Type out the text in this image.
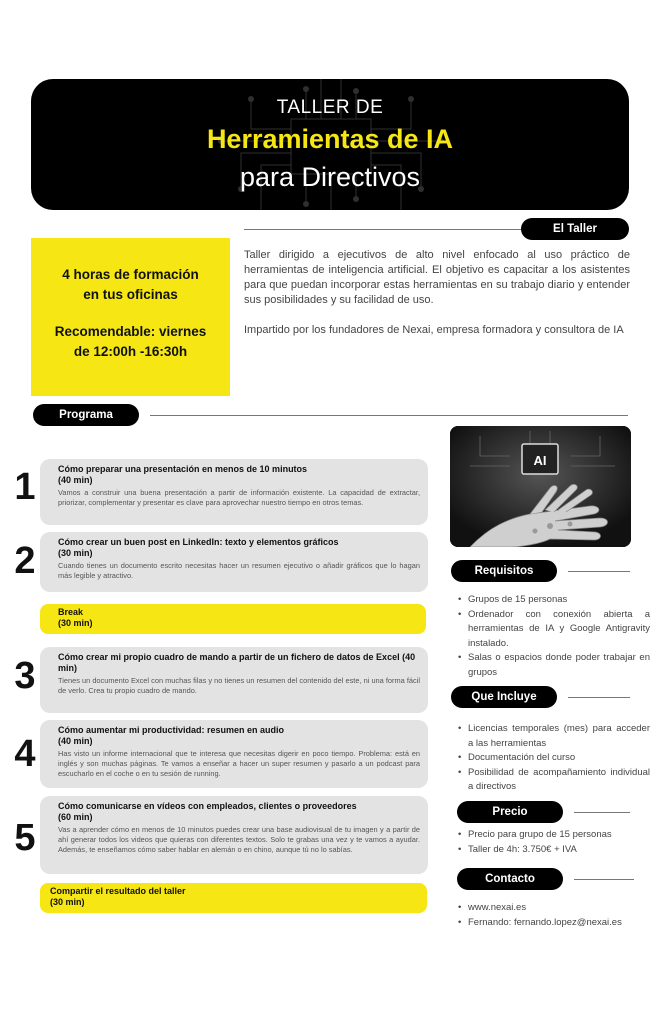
TALLER DE
Herramientas de IA
para Directivos
El Taller

4 horas de formación

en tus oficinas

Recomendable: viernes

de 12:00h -16:30h

Taller dirigido a ejecutivos de alto nivel enfocado al uso práctico de herramientas de inteligencia artificial. El objetivo es capacitar a los asistentes para que puedan incorporar estas herramientas en su trabajo diario y entender sus posibilidades y su facilidad de uso.

Impartido por los fundadores de Nexai, empresa formadora y consultora de IA

Programa
1	Cómo preparar una presentación en menos de 10 minutos
(40 min)
Vamos a construir una buena presentación a partir de información existente. La capacidad de extractar, priorizar, complementar y presentar es clave para aprovechar nuestro tiempo en otros temas.
2	Cómo crear un buen post en LinkedIn: texto y elementos gráficos
(30 min)
Cuando tienes un documento escrito necesitas hacer un resumen ejecutivo o añadir gráficos que lo hagan más legible y atractivo.
Break
(30 min)
3	Cómo crear mi propio cuadro de mando a partir de un fichero de datos de Excel (40 min)
Tienes un documento Excel con muchas filas y no tienes un resumen del contenido del este, ni una forma fácil de verlo. Crea tu propio cuadro de mando.
4
Cómo aumentar mi productividad: resumen en audio
(40 min)
Has visto un informe internacional que te interesa que necesitas digerir en poco tiempo. Problema: está en inglés y son muchas páginas. Te vamos a enseñar a hacer un super resumen y pasarlo a un podcast para escucharlo en el coche o en tu sesión de running.
5
Cómo comunicarse en vídeos con empleados, clientes o proveedores
(60 min)
Vas a aprender cómo en menos de 10 minutos puedes crear una base audiovisual de tu imagen y a partir de ahí generar todos los videos que quieras con diferentes textos. Solo te grabas una vez y te vamos a ayudar. Además, te enseñamos cómo saber hablar en alemán o en chino, aunque tú no lo sabías.
Compartir el resultado del taller
(30 min)
AI
Requisitos
• Grupos de 15 personas
• Ordenador con conexión abierta a herramientas de IA y Google Antigravity instalado.
• Salas o espacios donde poder trabajar en grupos
Que Incluye
• Licencias temporales (mes) para acceder a las herramientas
• Documentación del curso
• Posibilidad de acompañamiento individual a directivos
Precio
• Precio para grupo de 15 personas
• Taller de 4h: 3.750€ + IVA
Contacto
• www.nexai.es
• Fernando: fernando.lopez@nexai.es
